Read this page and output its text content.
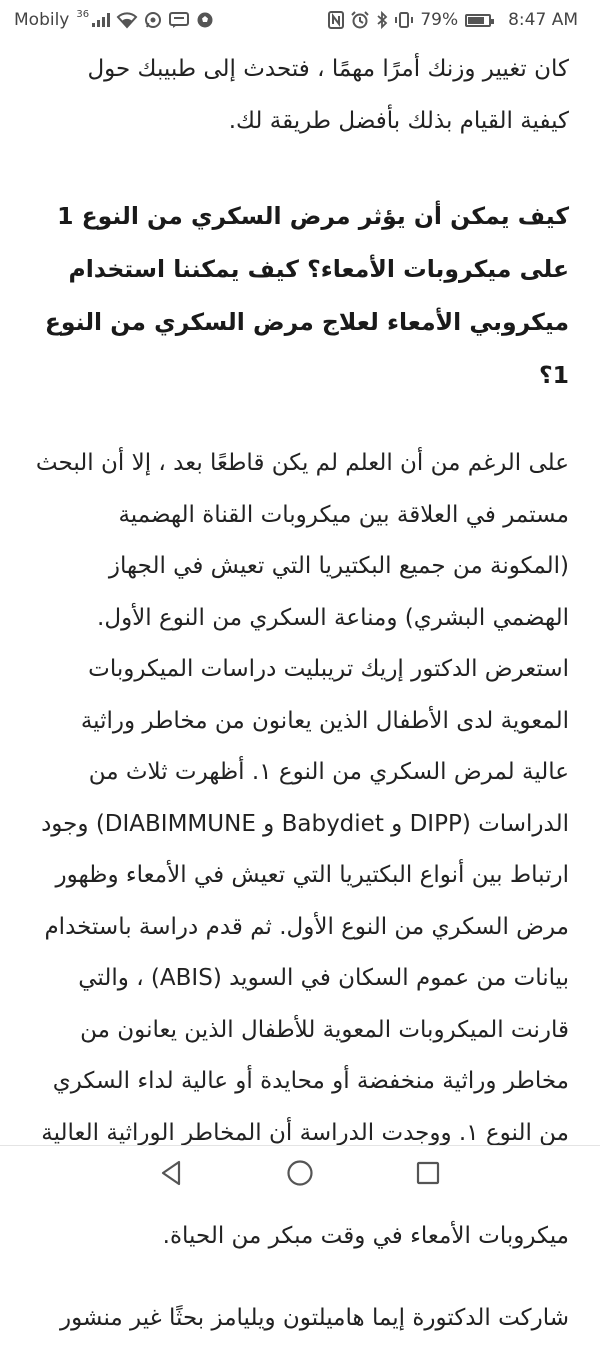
Mobily 36	79%	8:47 AM

كان تغيير وزنك أمرًا مهمًا ، فتحدث إلى طبيبك حول كيفية القيام بذلك بأفضل طريقة لك.

كيف يمكن أن يؤثر مرض السكري من النوع 1 على ميكروبات الأمعاء؟ كيف يمكننا استخدام ميكروبي الأمعاء لعلاج مرض السكري من النوع 1؟

على الرغم من أن العلم لم يكن قاطعًا بعد ، إلا أن البحث مستمر في العلاقة بين ميكروبات القناة الهضمية (المكونة من جميع البكتيريا التي تعيش في الجهاز الهضمي البشري) ومناعة السكري من النوع الأول. استعرض الدكتور إريك تريبليت دراسات الميكروبات المعوية لدى الأطفال الذين يعانون من مخاطر وراثية عالية لمرض السكري من النوع ١. أظهرت ثلاث من الدراسات (DIPP و Babydiet و DIABIMMUNE) وجود ارتباط بين أنواع البكتيريا التي تعيش في الأمعاء وظهور مرض السكري من النوع الأول. ثم قدم دراسة باستخدام بيانات من عموم السكان في السويد (ABIS) ، والتي قارنت الميكروبات المعوية للأطفال الذين يعانون من مخاطر وراثية منخفضة أو محايدة أو عالية لداء السكري من النوع ١. ووجدت الدراسة أن المخاطر الوراثية العالية ميكروبات الأمعاء في وقت مبكر من الحياة.

شاركت الدكتورة إيما هاميلتون ويليامز بحثًا غير منشور
